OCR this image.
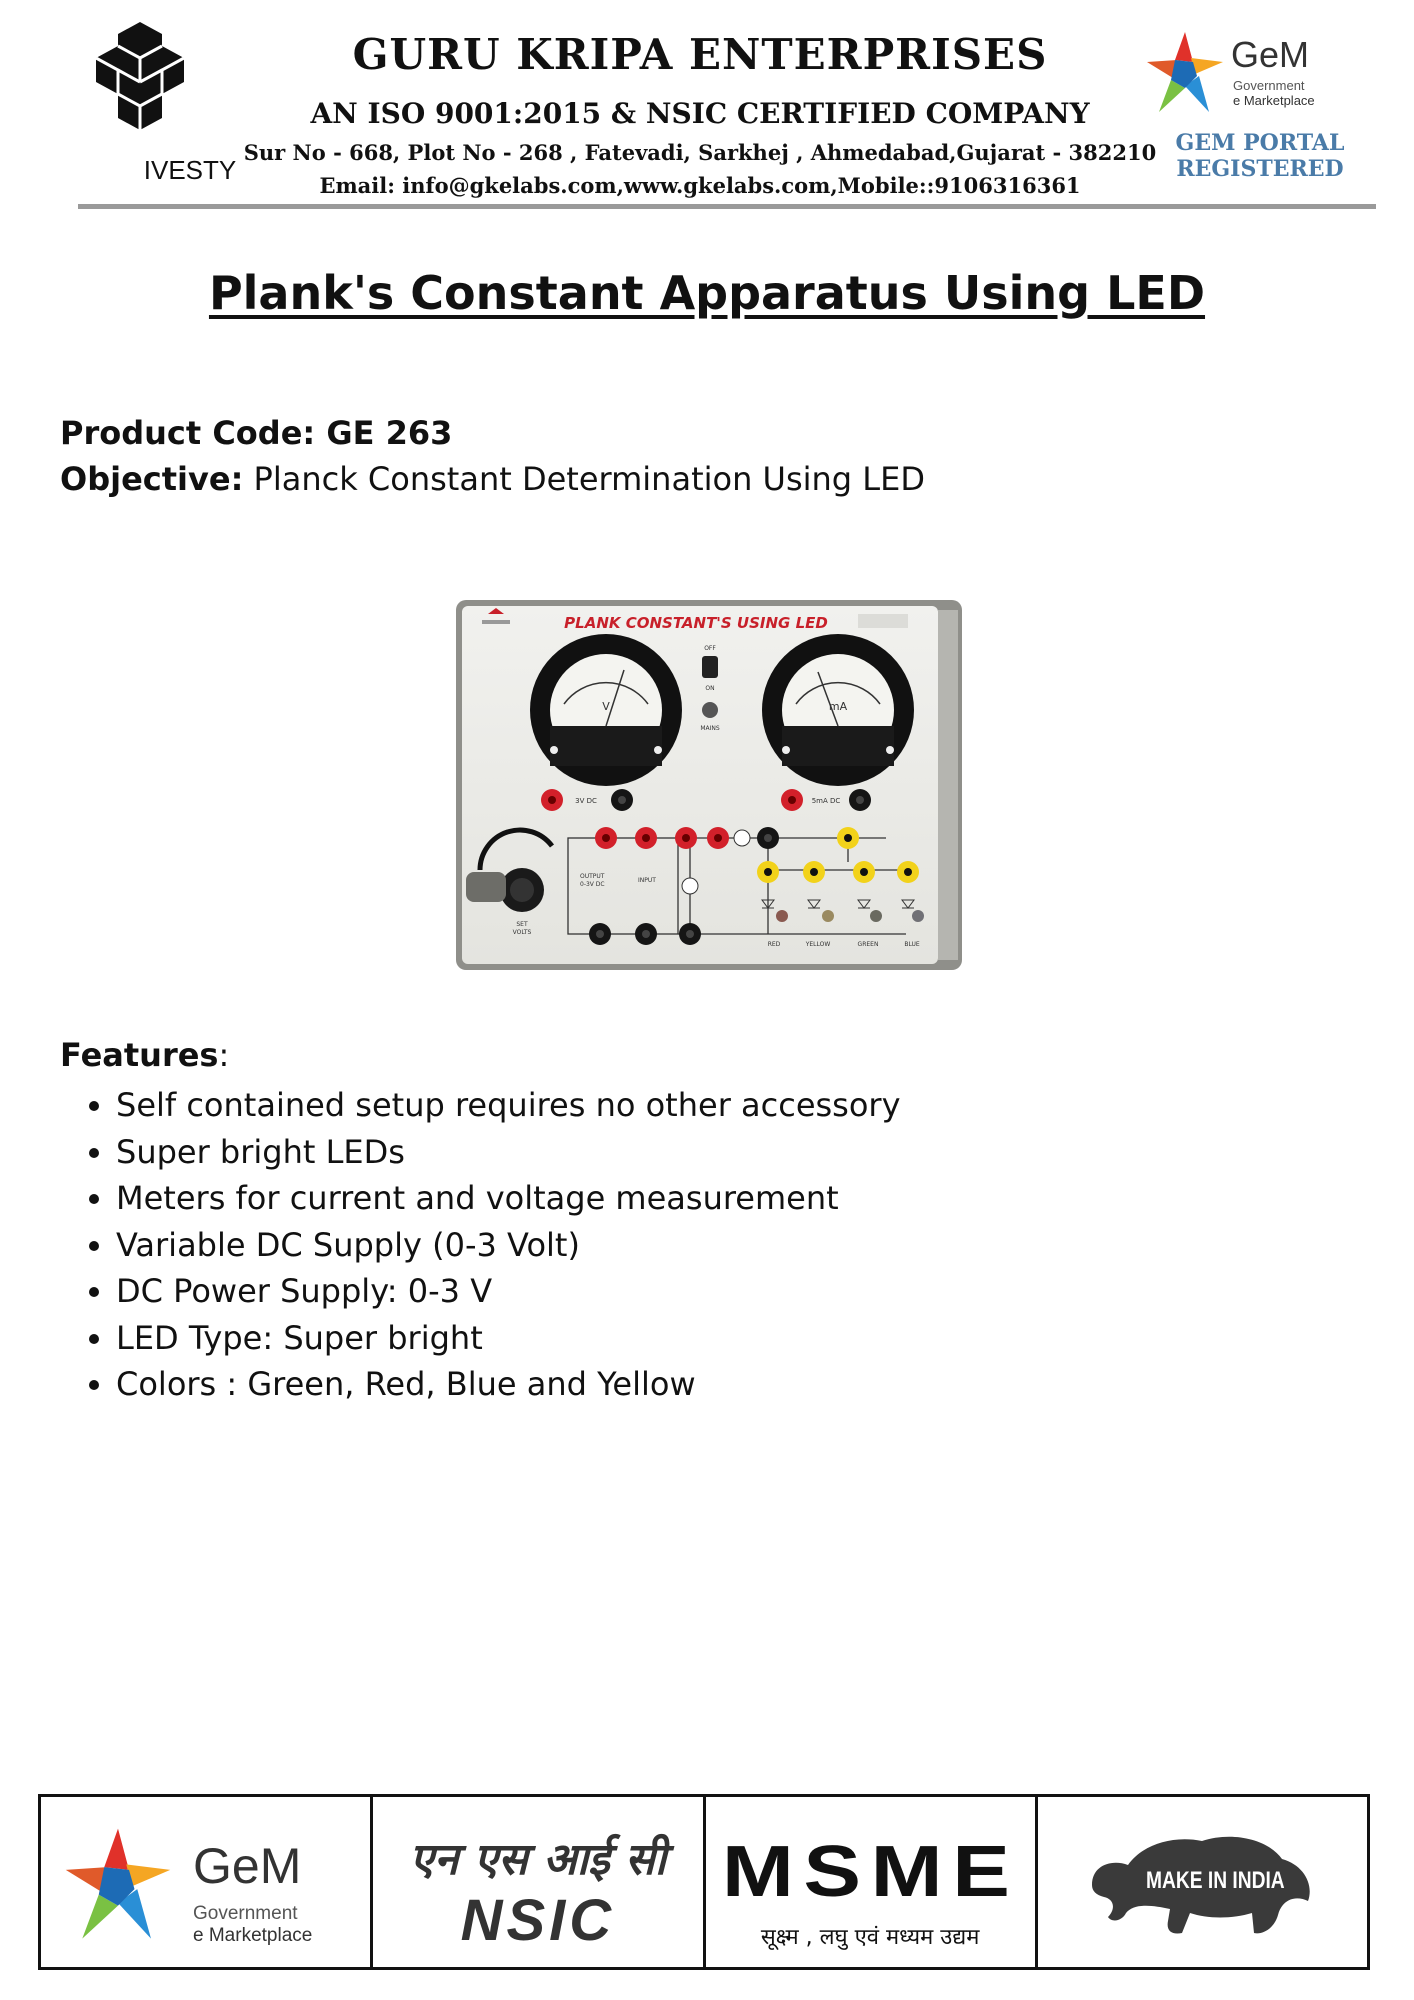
IVESTY
GURU KRIPA ENTERPRISES
AN ISO 9001:2015 & NSIC CERTIFIED COMPANY
Sur No - 668, Plot No - 268 , Fatevadi, Sarkhej , Ahmedabad,Gujarat - 382210
Email: info@gkelabs.com,www.gkelabs.com,Mobile::9106316361
GeM
Government
e Marketplace
GEM PORTAL
REGISTERED
Plank's Constant Apparatus Using LED
Product Code: GE 263
Objective: Planck Constant Determination Using LED
PLANK CONSTANT'S USING LED
V	mA
OFF
ON
MAINS
3V DC	5mA DC
OUTPUT
0-3V DC
INPUT
SET
VOLTS
RED	YELLOW	GREEN	BLUE
Features:
• Self contained setup requires no other accessory
• Super bright LEDs
• Meters for current and voltage measurement
• Variable DC Supply (0-3 Volt)
• DC Power Supply: 0-3 V
• LED Type: Super bright
• Colors : Green, Red, Blue and Yellow
GeM
Government
e Marketplace
एन एस आई सी
NSIC
MSME
सूक्ष्म , लघु एवं मध्यम उद्यम
MAKE IN INDIA
